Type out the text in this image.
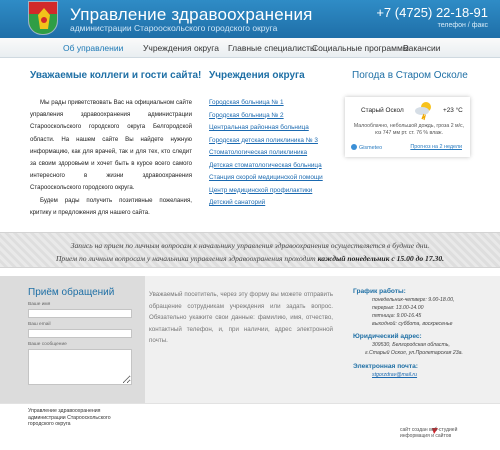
Управление здравоохранения
администрации Старооскольского городского округа
+7 (4725) 22-18-91
телефон / факс
Об управлении Учреждения округа Главные специалисты
Социальные программы
Вакансии
Уважаемые коллеги и гости сайта!

Мы рады приветствовать Вас на официальном сайте управления здравоохранения администрации Старооскольского городского округа Белгородской области. На нашем сайте Вы найдете нужную информацию, как для врачей, так и для тех, кто следит за своим здоровьем и хочет быть в курсе всего самого интересного в жизни здравоохранения Старооскольского городского округа.

Будем рады получить позитивные пожелания, критику и предложения для нашего сайта.

Учреждения округа
Городская больница № 1
Городская больница № 2
Центральная районная больница
Городская детская поликлиника № 3
Стоматологическая поликлиника
Детская стоматологическая больница
Станция скорой медицинской помощи
Центр медицинской профилактики
Детский санаторий
Погода в Старом Осколе
Старый Оскол	+23 °C
Малооблачно, небольшой дождь, гроза 2 м/с, юз 747 мм рт. ст. 76 % влаж.
Gismeteo	Прогноз на 2 недели
Запись на прием по личным вопросам к начальнику управления здравоохранения осуществляется в будние дни.
Прием по личным вопросам у начальника управления здравоохранения проходит каждый понедельник с 15.00 до 17.30.
Приём обращений
Ваше имя
Ваш email
Ваше сообщение
Уважаемый посетитель, через эту форму вы можете отправить обращение сотрудникам учреждения или задать вопрос. Обязательно укажите свои данные: фамилию, имя, отчество, контактный телефон, и, при наличии, адрес электронной почты.
График работы:
понедельник-четверг: 9.00-18.00,
перерыв: 13.00-14.00
пятница: 9.00-16.45
выходной: суббота, воскресенье
Юридический адрес:
309530, Белгородская область,
г.Старый Оскол, ул.Пролетарская 23а.
Электронная почта:
stgorzdrav@mail.ru
Управление здравоохранения администрации Старооскольского городского округа
сайт создан веб-студией информация и сайтов
